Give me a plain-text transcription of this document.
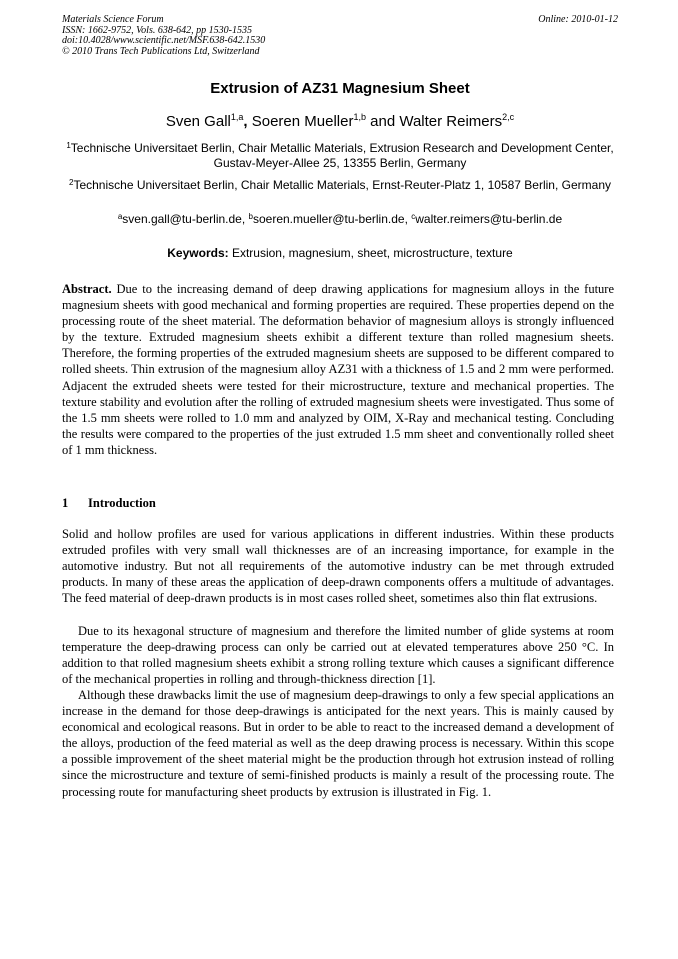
Materials Science Forum
ISSN: 1662-9752, Vols. 638-642, pp 1530-1535
doi:10.4028/www.scientific.net/MSF.638-642.1530
© 2010 Trans Tech Publications Ltd, Switzerland
Online: 2010-01-12
Extrusion of AZ31 Magnesium Sheet
Sven Gall$^{1,a}$, Soeren Mueller$^{1,b}$ and Walter Reimers$^{2,c}$
$^1$Technische Universitaet Berlin, Chair Metallic Materials, Extrusion Research and Development Center, Gustav-Meyer-Allee 25, 13355 Berlin, Germany
$^2$Technische Universitaet Berlin, Chair Metallic Materials, Ernst-Reuter-Platz 1, 10587 Berlin, Germany
$^a$sven.gall@tu-berlin.de, $^b$soeren.mueller@tu-berlin.de, $^c$walter.reimers@tu-berlin.de
Keywords: Extrusion, magnesium, sheet, microstructure, texture

Abstract. Due to the increasing demand of deep drawing applications for magnesium alloys in the future magnesium sheets with good mechanical and forming properties are required. These properties depend on the processing route of the sheet material. The deformation behavior of magnesium alloys is strongly influenced by the texture. Extruded magnesium sheets exhibit a different texture than rolled magnesium sheets. Therefore, the forming properties of the extruded magnesium sheets are supposed to be different compared to rolled sheets. Thin extrusion of the magnesium alloy AZ31 with a thickness of 1.5 and 2 mm were performed. Adjacent the extruded sheets were tested for their microstructure, texture and mechanical properties. The texture stability and evolution after the rolling of extruded magnesium sheets were investigated. Thus some of the 1.5 mm sheets were rolled to 1.0 mm and analyzed by OIM, X-Ray and mechanical testing. Concluding the results were compared to the properties of the just extruded 1.5 mm sheet and conventionally rolled sheet of 1 mm thickness.

1 Introduction

Solid and hollow profiles are used for various applications in different industries. Within these products extruded profiles with very small wall thicknesses are of an increasing importance, for example in the automotive industry. But not all requirements of the automotive industry can be met through extruded products. In many of these areas the application of deep-drawn components offers a multitude of advantages. The feed material of deep-drawn products is in most cases rolled sheet, sometimes also thin flat extrusions.

Due to its hexagonal structure of magnesium and therefore the limited number of glide systems at room temperature the deep-drawing process can only be carried out at elevated temperatures above 250 °C. In addition to that rolled magnesium sheets exhibit a strong rolling texture which causes a significant difference of the mechanical properties in rolling and through-thickness direction [1].

Although these drawbacks limit the use of magnesium deep-drawings to only a few special applications an increase in the demand for those deep-drawings is anticipated for the next years. This is mainly caused by economical and ecological reasons. But in order to be able to react to the increased demand a development of the alloys, production of the feed material as well as the deep drawing process is necessary. Within this scope a possible improvement of the sheet material might be the production through hot extrusion instead of rolling since the microstructure and texture of semi-finished products is mainly a result of the processing route. The processing route for manufacturing sheet products by extrusion is illustrated in Fig. 1.
